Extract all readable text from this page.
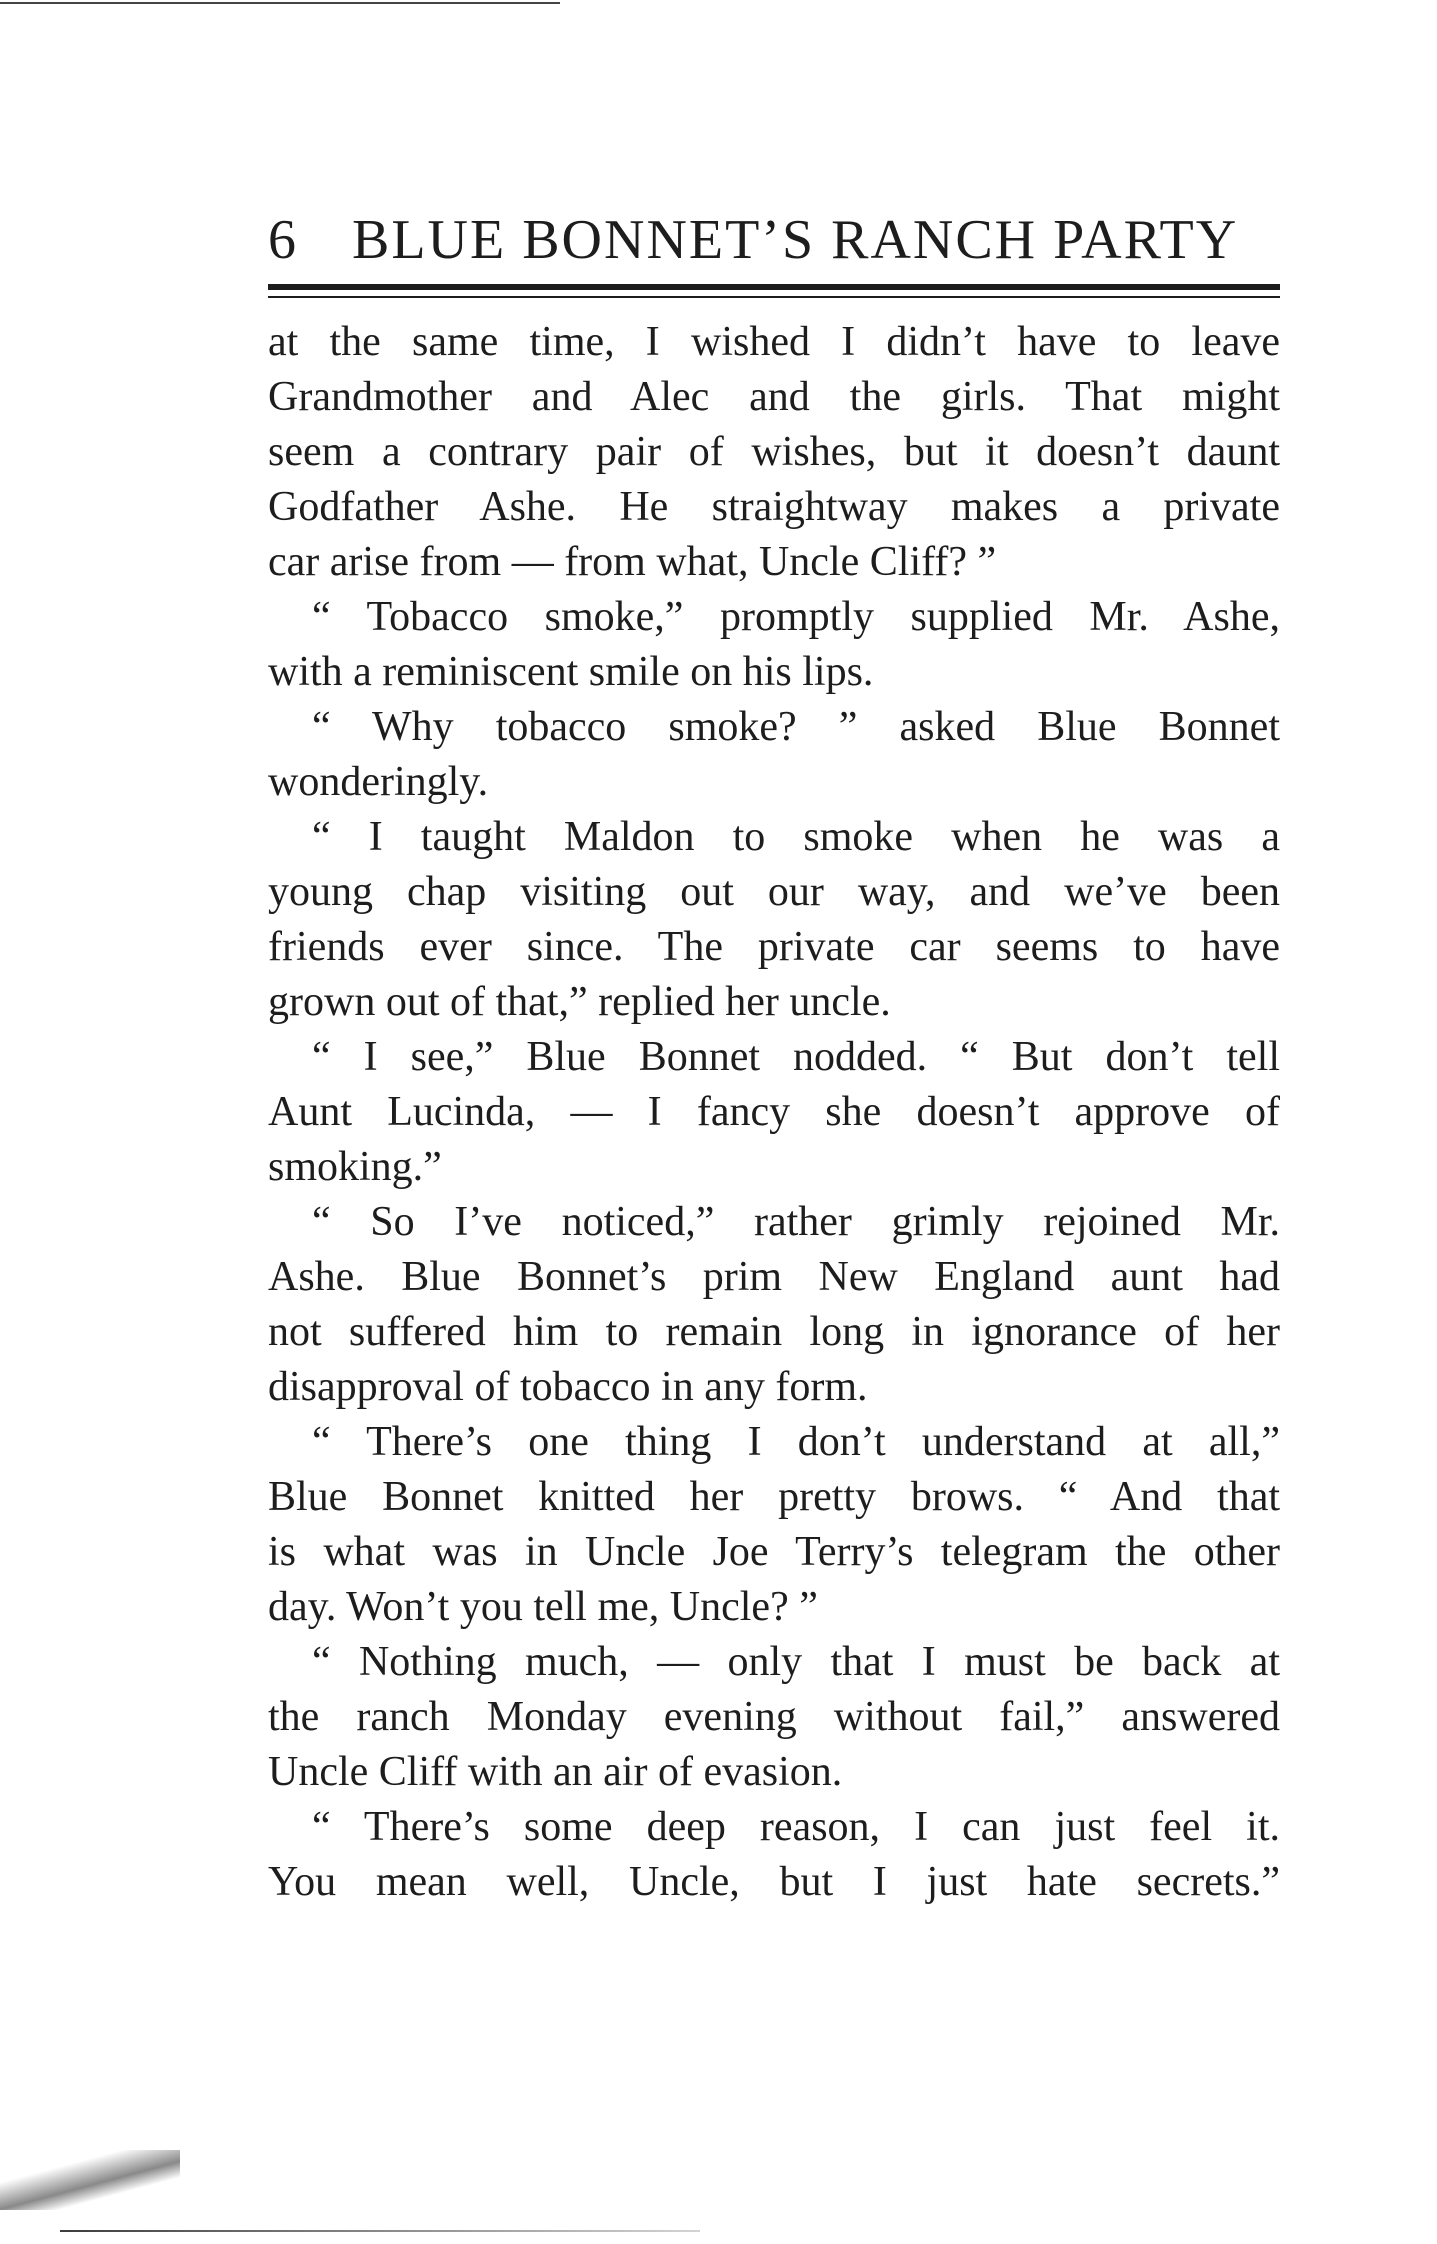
6 BLUE BONNET’S RANCH PARTY
at the same time, I wished I didn’t have to leave
Grandmother and Alec and the girls. That might
seem a contrary pair of wishes, but it doesn’t daunt
Godfather Ashe. He straightway makes a private
car arise from — from what, Uncle Cliff? ”
“ Tobacco smoke,” promptly supplied Mr. Ashe,
with a reminiscent smile on his lips.
“ Why tobacco smoke? ” asked Blue Bonnet
wonderingly.
“ I taught Maldon to smoke when he was a
young chap visiting out our way, and we’ve been
friends ever since. The private car seems to have
grown out of that,” replied her uncle.
“ I see,” Blue Bonnet nodded. “ But don’t tell
Aunt Lucinda, — I fancy she doesn’t approve of
smoking.”
“ So I’ve noticed,” rather grimly rejoined Mr.
Ashe. Blue Bonnet’s prim New England aunt had
not suffered him to remain long in ignorance of her
disapproval of tobacco in any form.
“ There’s one thing I don’t understand at all,”
Blue Bonnet knitted her pretty brows. “ And that
is what was in Uncle Joe Terry’s telegram the other
day. Won’t you tell me, Uncle? ”
“ Nothing much, — only that I must be back at
the ranch Monday evening without fail,” answered
Uncle Cliff with an air of evasion.
“ There’s some deep reason, I can just feel it.
You mean well, Uncle, but I just hate secrets.”
